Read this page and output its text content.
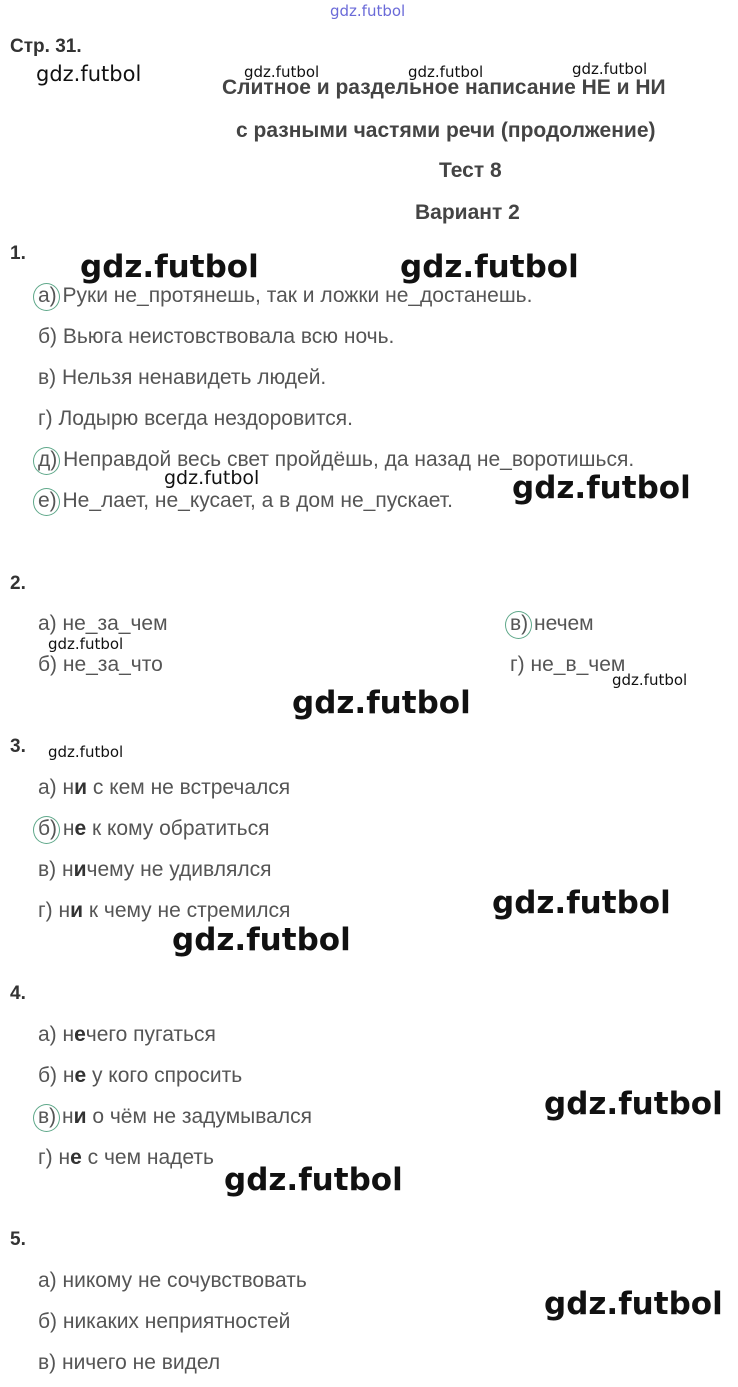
gdz.futbol
Стр. 31.
Слитное и раздельное написание НЕ и НИ
с разными частями речи (продолжение)
Тест 8
Вариант 2
1.
а) Руки не_протянешь, так и ложки не_достанешь.
б) Вьюга неистовствовала всю ночь.
в) Нельзя ненавидеть людей.
г) Лодырю всегда нездоровится.
д) Неправдой весь свет пройдёшь, да назад не_воротишься.
е) Не_лает, не_кусает, а в дом не_пускает.
2.
а) не_за_чем	в) нечем
б) не_за_что	г) не_в_чем
3.
а) ни с кем не встречался
б) не к кому обратиться
в) ничему не удивлялся
г) ни к чему не стремился
4.
а) нечего пугаться
б) не у кого спросить
в) ни о чём не задумывался
г) не с чем надеть
5.
а) никому не сочувствовать
б) никаких неприятностей
в) ничего не видел
gdz.futbol	gdz.futbol	gdz.futbol	gdz.futbol
gdz.futbol	gdz.futbol
gdz.futbol	gdz.futbol
gdz.futbol
gdz.futbol
gdz.futbol
gdz.futbol
gdz.futbol
gdz.futbol
gdz.futbol
gdz.futbol
gdz.futbol
